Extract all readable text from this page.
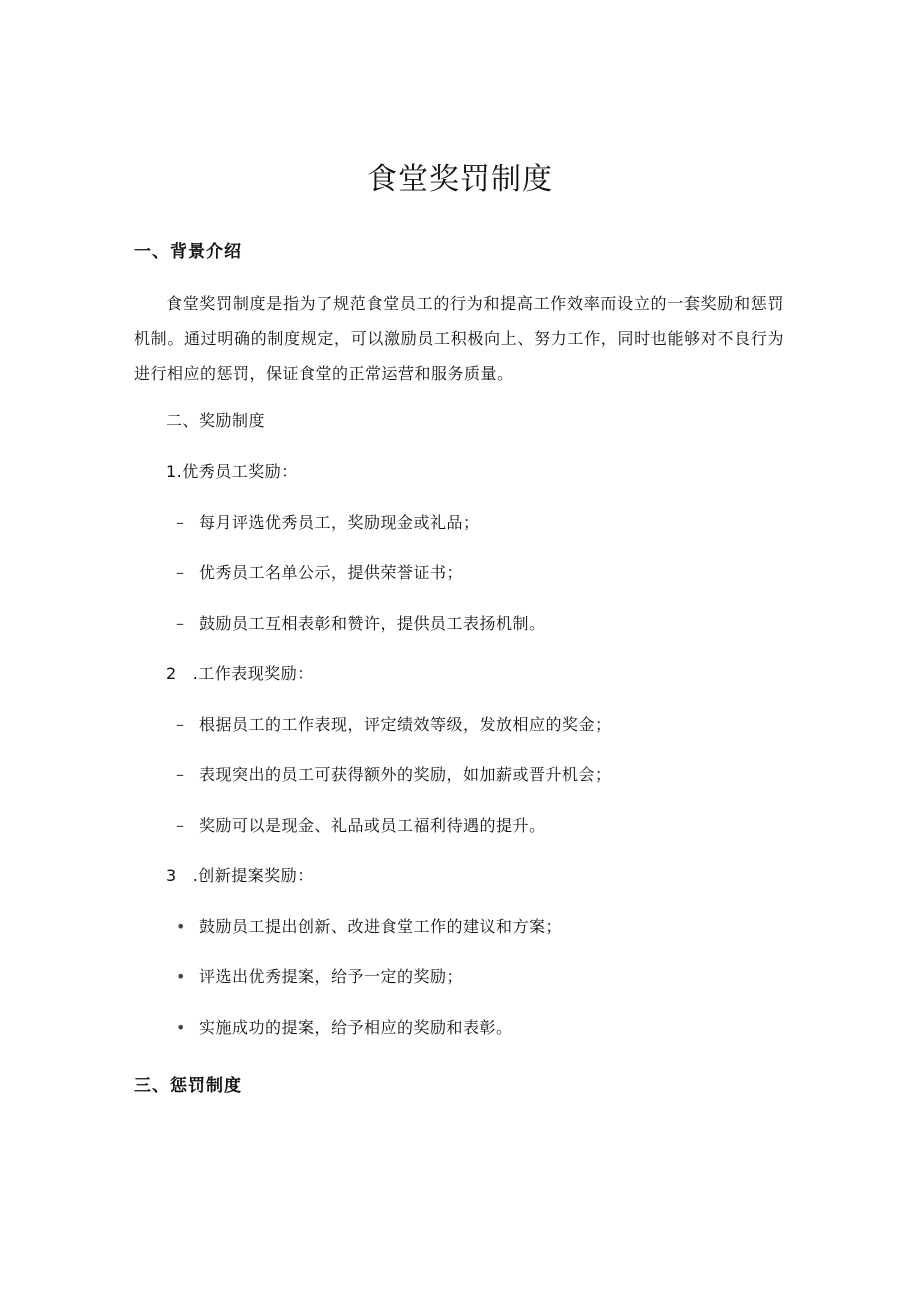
食堂奖罚制度
一、背景介绍
食堂奖罚制度是指为了规范食堂员工的行为和提高工作效率而设立的一套奖励和惩罚机制。通过明确的制度规定，可以激励员工积极向上、努力工作，同时也能够对不良行为进行相应的惩罚，保证食堂的正常运营和服务质量。
二、奖励制度
1.优秀员工奖励：
– 每月评选优秀员工，奖励现金或礼品；
– 优秀员工名单公示，提供荣誉证书；
– 鼓励员工互相表彰和赞许，提供员工表扬机制。
2 .工作表现奖励：
– 根据员工的工作表现，评定绩效等级，发放相应的奖金；
– 表现突出的员工可获得额外的奖励，如加薪或晋升机会；
– 奖励可以是现金、礼品或员工福利待遇的提升。
3 .创新提案奖励：
• 鼓励员工提出创新、改进食堂工作的建议和方案；
• 评选出优秀提案，给予一定的奖励；
• 实施成功的提案，给予相应的奖励和表彰。
三、惩罚制度
